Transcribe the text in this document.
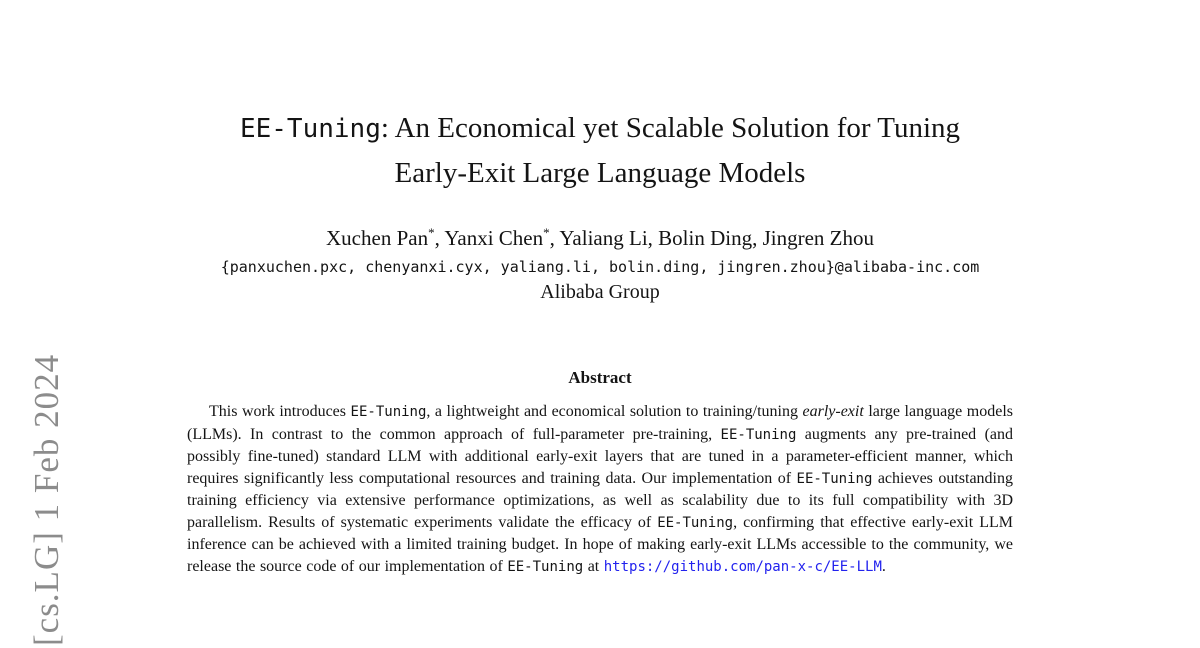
[cs.LG] 1 Feb 2024
EE-Tuning: An Economical yet Scalable Solution for Tuning
Early-Exit Large Language Models
Xuchen Pan*, Yanxi Chen*, Yaliang Li, Bolin Ding, Jingren Zhou
{panxuchen.pxc, chenyanxi.cyx, yaliang.li, bolin.ding, jingren.zhou}@alibaba-inc.com
Alibaba Group
Abstract

This work introduces EE-Tuning, a lightweight and economical solution to training/tuning early-exit large language models (LLMs). In contrast to the common approach of full-parameter pre-training, EE-Tuning augments any pre-trained (and possibly fine-tuned) standard LLM with additional early-exit layers that are tuned in a parameter-efficient manner, which requires significantly less computational resources and training data. Our implementation of EE-Tuning achieves outstanding training efficiency via extensive performance optimizations, as well as scalability due to its full compatibility with 3D parallelism. Results of systematic experiments validate the efficacy of EE-Tuning, confirming that effective early-exit LLM inference can be achieved with a limited training budget. In hope of making early-exit LLMs accessible to the community, we release the source code of our implementation of EE-Tuning at https://github.com/pan-x-c/EE-LLM.
